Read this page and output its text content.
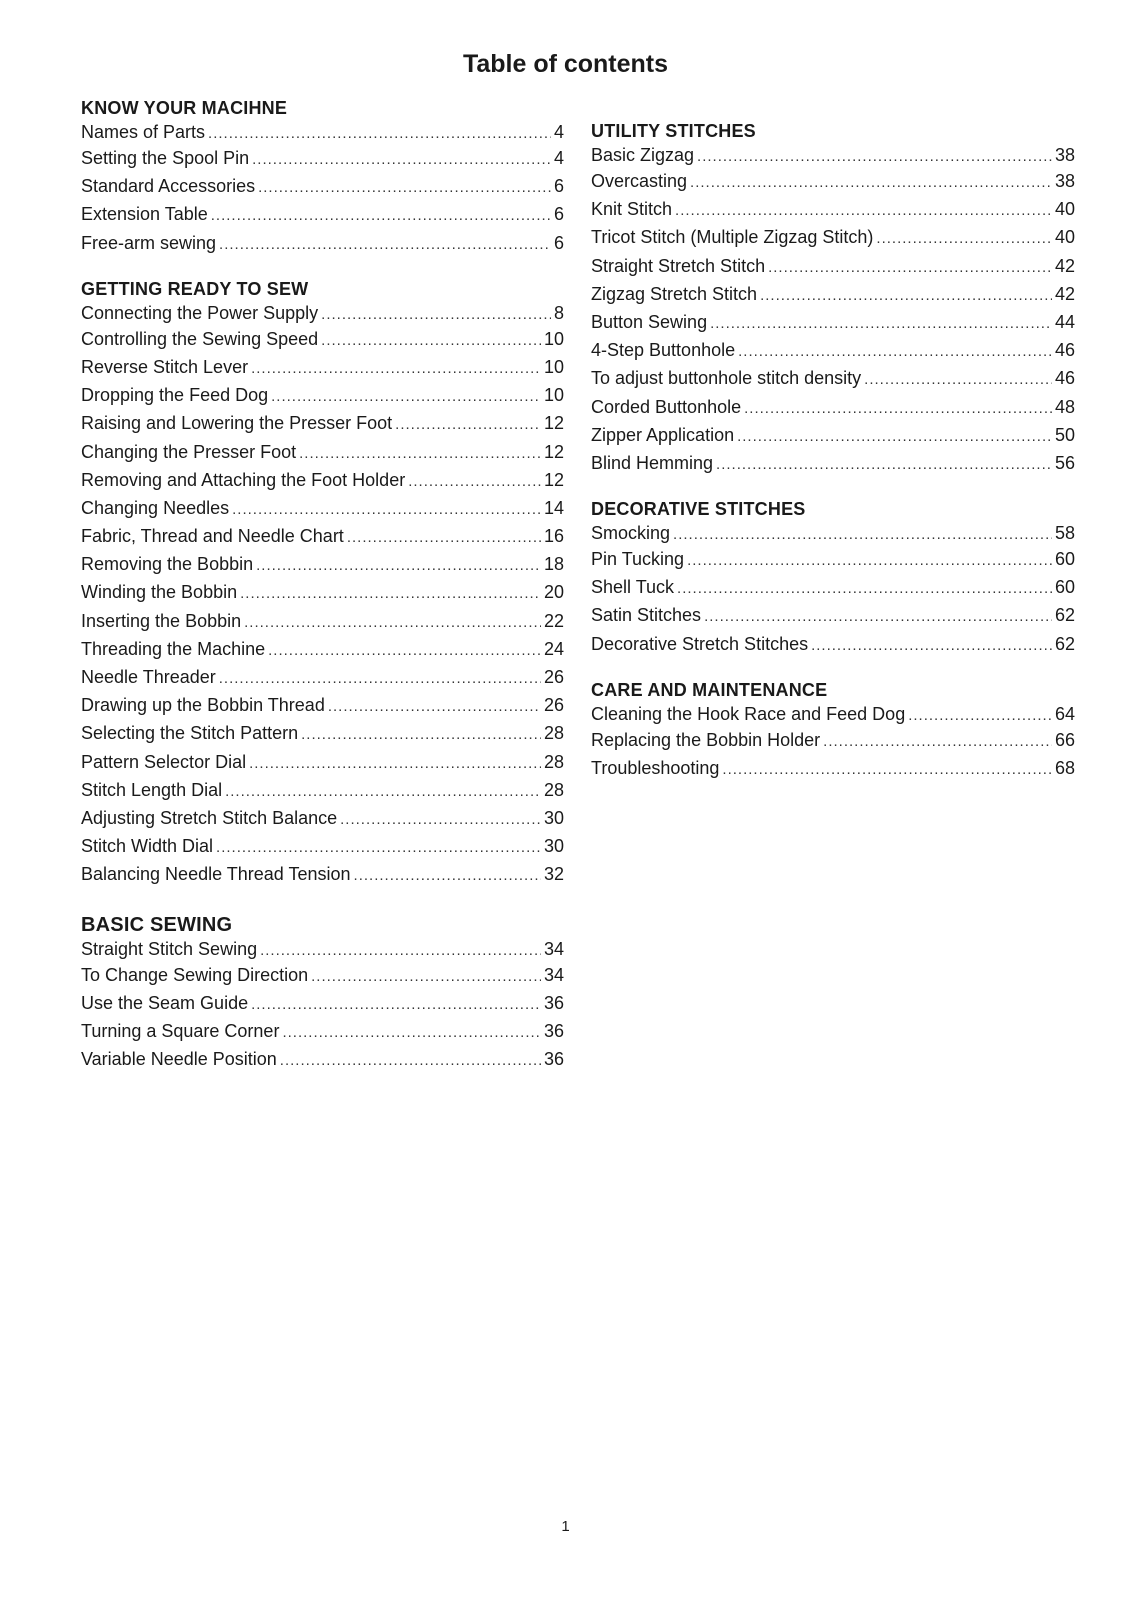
Table of contents
KNOW YOUR MACIHNE
Names of Parts .....	4
Setting the Spool Pin .....	4
Standard Accessories .....	6
Extension Table .....	6
Free-arm sewing .....	6
GETTING READY TO SEW
Connecting the Power Supply .....	8
Controlling the Sewing Speed .....	10
Reverse Stitch Lever .....	10
Dropping the Feed Dog .....	10
Raising and Lowering the Presser Foot .....	12
Changing the Presser Foot .....	12
Removing and Attaching the Foot Holder .....	12
Changing Needles .....	14
Fabric, Thread and Needle Chart .....	16
Removing the Bobbin .....	18
Winding the Bobbin .....	20
Inserting the Bobbin .....	22
Threading the Machine .....	24
Needle Threader .....	26
Drawing up the Bobbin Thread .....	26
Selecting the Stitch Pattern .....	28
Pattern Selector Dial .....	28
Stitch Length Dial .....	28
Adjusting Stretch Stitch Balance .....	30
Stitch Width Dial .....	30
Balancing Needle Thread Tension .....	32
BASIC SEWING
Straight Stitch Sewing .....	34
To Change Sewing Direction .....	34
Use the Seam Guide .....	36
Turning a Square Corner .....	36
Variable Needle Position .....	36
UTILITY STITCHES
Basic Zigzag .....	38
Overcasting .....	38
Knit Stitch .....	40
Tricot Stitch (Multiple Zigzag Stitch) .....	40
Straight Stretch Stitch .....	42
Zigzag Stretch Stitch .....	42
Button Sewing .....	44
4-Step Buttonhole .....	46
To adjust buttonhole stitch density .....	46
Corded Buttonhole .....	48
Zipper Application .....	50
Blind Hemming .....	56
DECORATIVE STITCHES
Smocking .....	58
Pin Tucking .....	60
Shell Tuck .....	60
Satin Stitches .....	62
Decorative Stretch Stitches .....	62
CARE AND MAINTENANCE
Cleaning the Hook Race and Feed Dog .....	64
Replacing the Bobbin Holder .....	66
Troubleshooting .....	68
1
